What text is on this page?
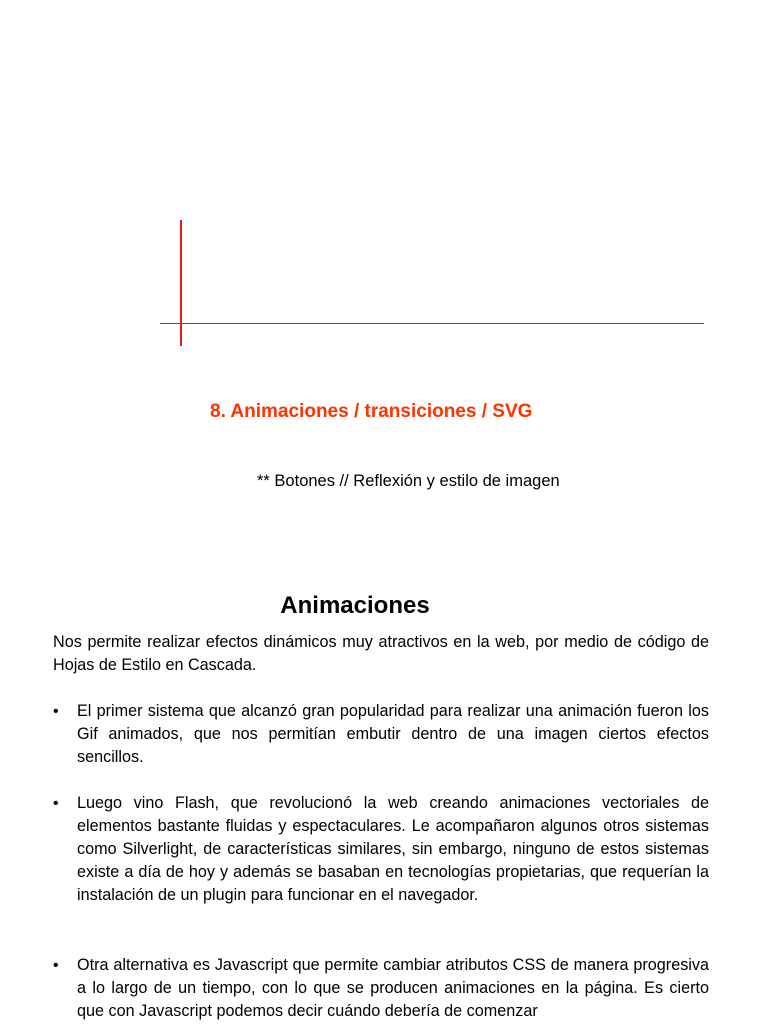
8. Animaciones / transiciones / SVG
** Botones // Reflexión y estilo de imagen
Animaciones
Nos permite realizar efectos dinámicos muy atractivos en la web, por medio de código de Hojas de Estilo en Cascada.
• El primer sistema que alcanzó gran popularidad para realizar una animación fueron los Gif animados, que nos permitían embutir dentro de una imagen ciertos efectos sencillos.
• Luego vino Flash, que revolucionó la web creando animaciones vectoriales de elementos bastante fluidas y espectaculares. Le acompañaron algunos otros sistemas como Silverlight, de características similares, sin embargo, ninguno de estos sistemas existe a día de hoy y además se basaban en tecnologías propietarias, que requerían la instalación de un plugin para funcionar en el navegador.
• Otra alternativa es Javascript que permite cambiar atributos CSS de manera progresiva a lo largo de un tiempo, con lo que se producen animaciones en la página. Es cierto que con Javascript podemos decir cuándo debería de comenzar
